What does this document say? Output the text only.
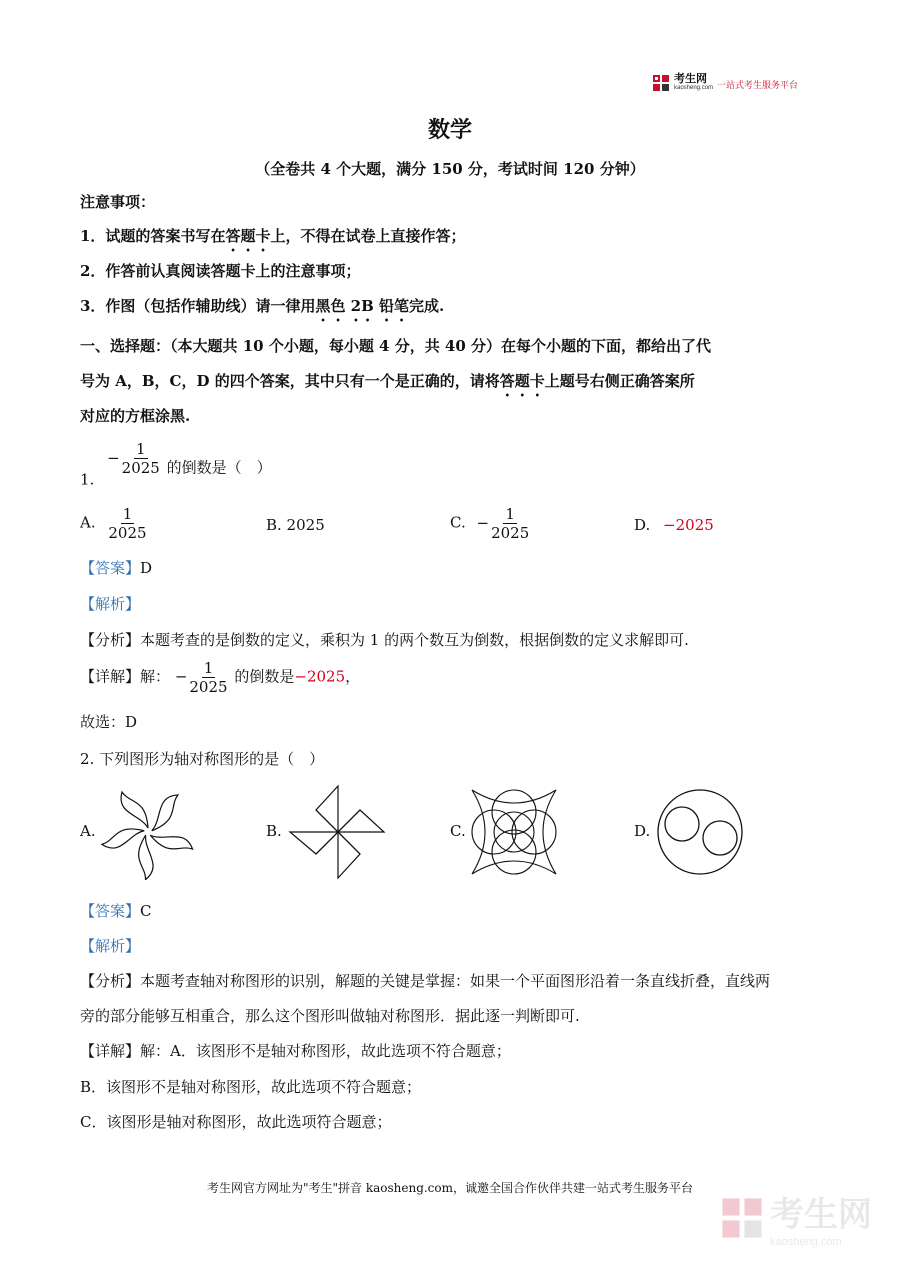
考生网
kaosheng.com 一站式考生服务平台
数学
（全卷共 4 个大题，满分 150 分，考试时间 120 分钟）
注意事项：
1．试题的答案书写在答题卡上，不得在试卷上直接作答；
2．作答前认真阅读答题卡上的注意事项；
3．作图（包括作辅助线）请一律用黑色 2B 铅笔完成.
一、选择题：（本大题共 10 个小题，每小题 4 分，共 40 分）在每个小题的下面，都给出了代
号为 A，B，C，D 的四个答案，其中只有一个是正确的，请将答题卡上题号右侧正确答案所
对应的方框涂黑.
1. − $\frac{1}{2025}$ 的倒数是（　）
A. $\frac{1}{2025}$	B. 2025	C. − $\frac{1}{2025}$	D. −2025
【答案】D
【解析】
【分析】本题考查的是倒数的定义，乘积为 1 的两个数互为倒数，根据倒数的定义求解即可.
【详解】解： − $\frac{1}{2025}$ 的倒数是−2025，
故选：D
2. 下列图形为轴对称图形的是（　）
A.	B.	C.	D.
【答案】C
【解析】
【分析】本题考查轴对称图形的识别，解题的关键是掌握：如果一个平面图形沿着一条直线折叠，直线两
旁的部分能够互相重合，那么这个图形叫做轴对称图形．据此逐一判断即可.
【详解】解：A．该图形不是轴对称图形，故此选项不符合题意；
B．该图形不是轴对称图形，故此选项不符合题意；
C．该图形是轴对称图形，故此选项符合题意；
考生网官方网址为"考生"拼音 kaosheng.com，诚邀全国合作伙伴共建一站式考生服务平台
考生网
kaosheng.com
